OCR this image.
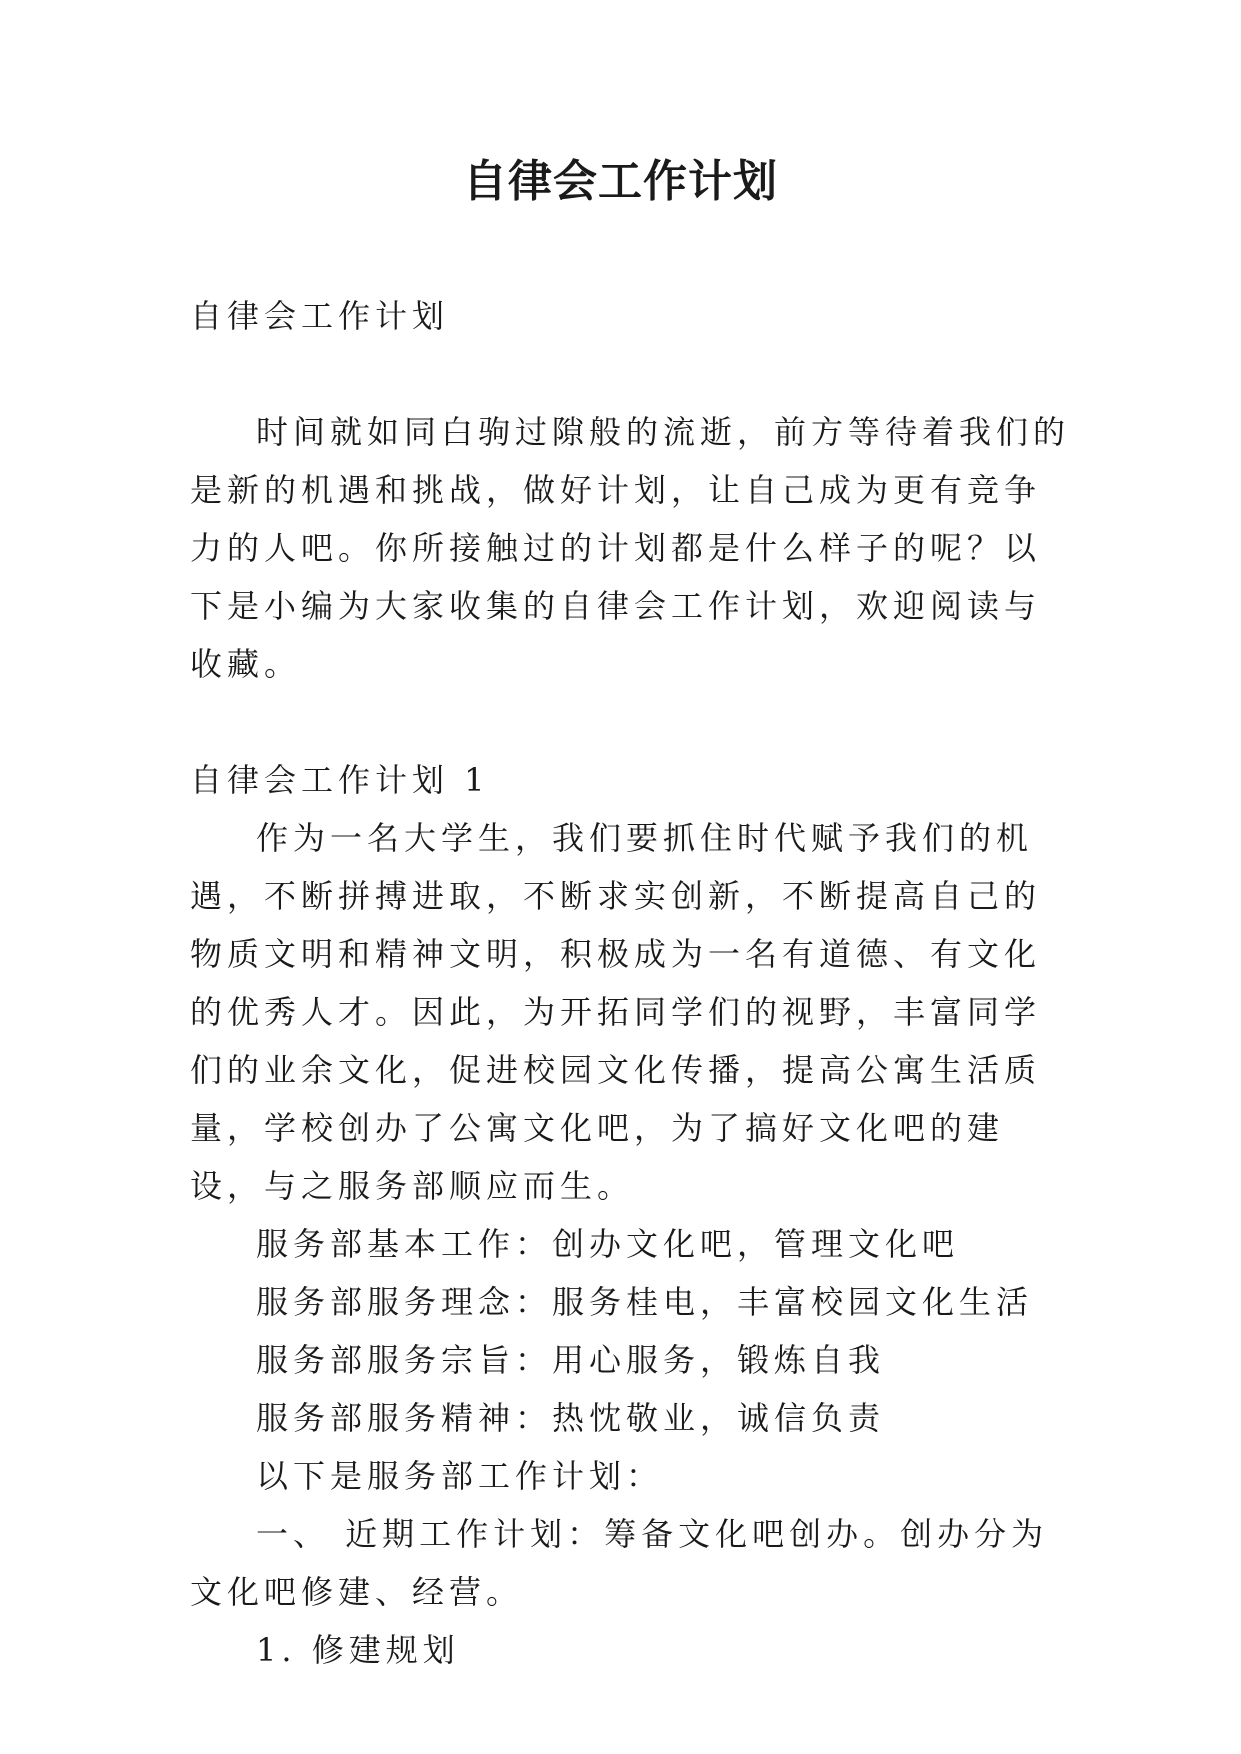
自律会工作计划

自律会工作计划

时间就如同白驹过隙般的流逝，前方等待着我们的是新的机遇和挑战，做好计划，让自己成为更有竞争力的人吧。你所接触过的计划都是什么样子的呢？以下是小编为大家收集的自律会工作计划，欢迎阅读与收藏。

自律会工作计划 1

作为一名大学生，我们要抓住时代赋予我们的机遇，不断拼搏进取，不断求实创新，不断提高自己的物质文明和精神文明，积极成为一名有道德、有文化的优秀人才。因此，为开拓同学们的视野，丰富同学们的业余文化，促进校园文化传播，提高公寓生活质量，学校创办了公寓文化吧，为了搞好文化吧的建设，与之服务部顺应而生。

服务部基本工作：创办文化吧，管理文化吧

服务部服务理念：服务桂电，丰富校园文化生活

服务部服务宗旨：用心服务，锻炼自我

服务部服务精神：热忱敬业，诚信负责

以下是服务部工作计划：

一、 近期工作计划：筹备文化吧创办。创办分为文化吧修建、经营。

1. 修建规划
